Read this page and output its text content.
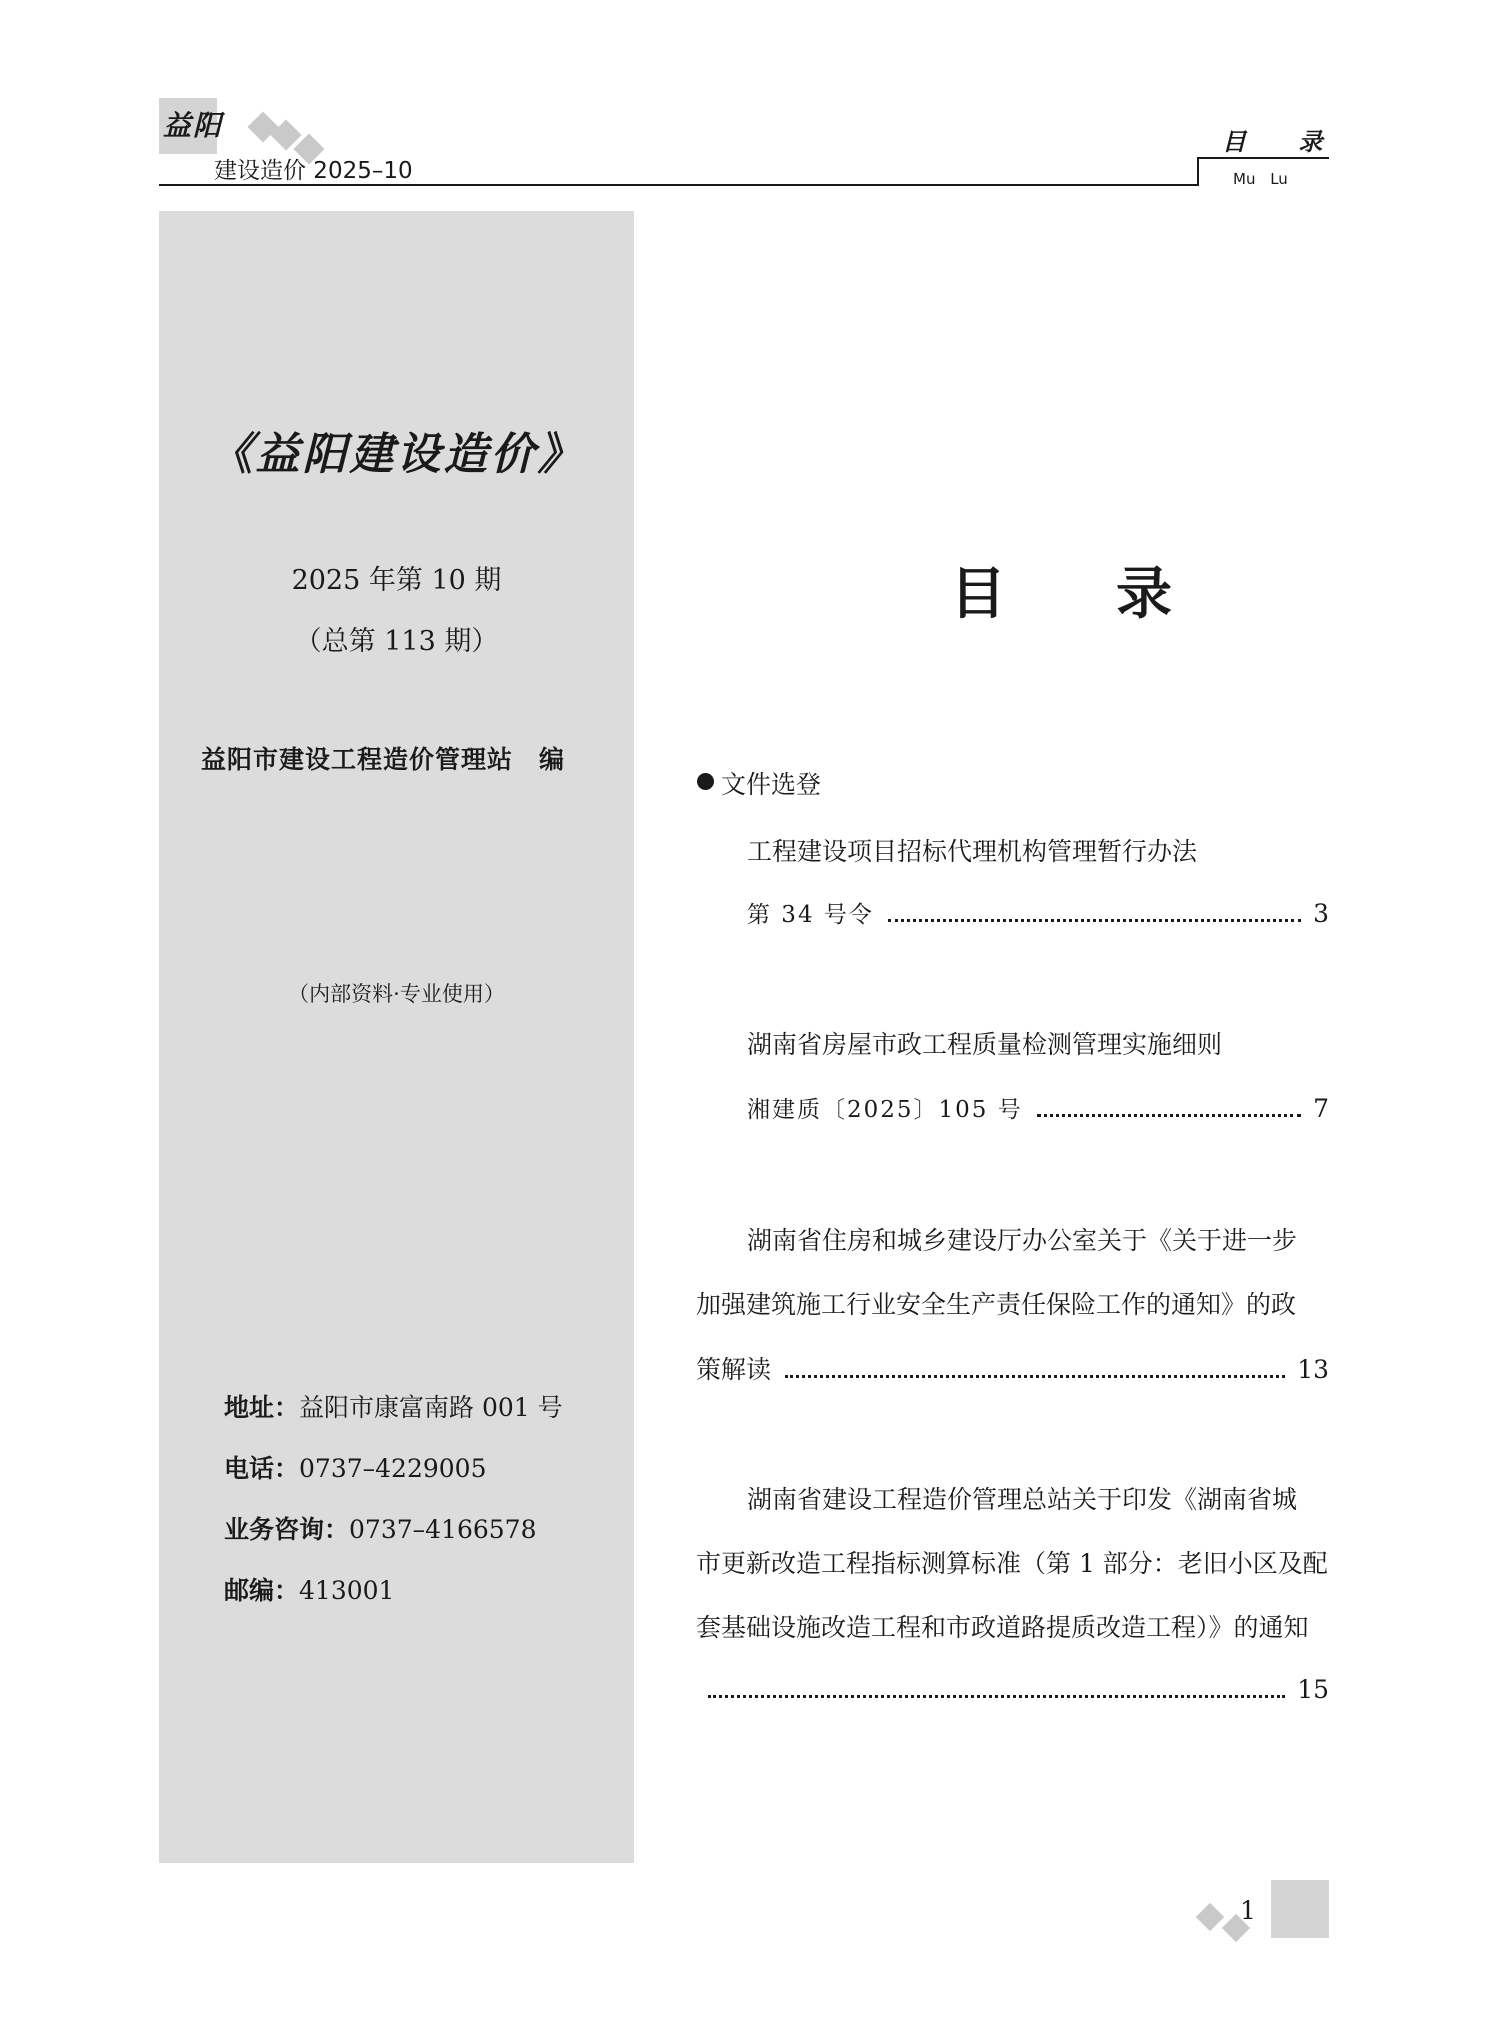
益阳
建设造价 2025–10
目 录
Mu Lu
《益阳建设造价》
2025 年第 10 期
（总第 113 期）
益阳市建设工程造价管理站　编
（内部资料·专业使用）
地址：益阳市康富南路 001 号
电话：0737–4229005
业务咨询：0737–4166578
邮编：413001
目录
文件选登
工程建设项目招标代理机构管理暂行办法
第 34 号令	3
湖南省房屋市政工程质量检测管理实施细则
湘建质〔2025〕105 号	7
湖南省住房和城乡建设厅办公室关于《关于进一步
加强建筑施工行业安全生产责任保险工作的通知》的政
策解读	13
湖南省建设工程造价管理总站关于印发《湖南省城
市更新改造工程指标测算标准（第 1 部分：老旧小区及配
套基础设施改造工程和市政道路提质改造工程）》的通知
15
1
